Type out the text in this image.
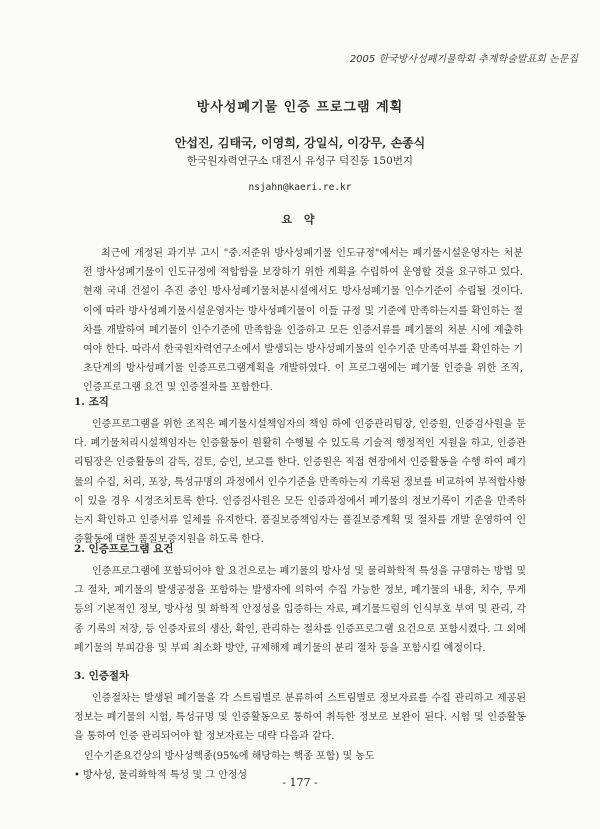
2005 한국방사성폐기물학회 추계학술발표회 논문집
방사성폐기물 인증 프로그램 계획
안섭진, 김태국, 이영희, 강일식, 이강무, 손종식
한국원자력연구소 대전시 유성구 덕진동 150번지
nsjahn@kaeri.re.kr
요 약

최근에 개정된 과기부 고시 "중.저준위 방사성폐기물 인도규정"에서는 폐기물시설운영자는 처분 전 방사성폐기물이 인도규정에 적합함을 보장하기 위한 계획을 수립하여 운영할 것을 요구하고 있다. 현재 국내 건설이 추진 중인 방사성폐기물처분시설에서도 방사성폐기물 인수기준이 수립될 것이다. 이에 따라 방사성폐기물시설운영자는 방사성폐기물이 이들 규정 및 기준에 만족하는지를 확인하는 절차를 개발하여 폐기물이 인수기준에 만족함을 인증하고 모든 인증서류를 폐기물의 처분 시에 제출하여야 한다. 따라서 한국원자력연구소에서 발생되는 방사성폐기물의 인수기준 만족여부를 확인하는 기초단계의 방사성폐기물 인증프로그램계획을 개발하였다. 이 프로그램에는 폐기물 인증을 위한 조직, 인증프로그램 요건 및 인증절차를 포함한다.

1. 조직

인증프로그램을 위한 조직은 폐기물시설책임자의 책임 하에 인증관리팀장, 인증원, 인증검사원을 둔다. 폐기물처리시설책임자는 인증활동이 원활히 수행될 수 있도록 기술적 행정적인 지원을 하고, 인증관리팀장은 인증활동의 감독, 검토, 승인, 보고를 한다. 인증원은 직접 현장에서 인증활동을 수행 하여 폐기물의 수집, 처리, 포장, 특성규명의 과정에서 인수기준을 만족하는지 기록된 정보를 비교하여 부적합사항이 있을 경우 시정조치토록 한다. 인증검사원은 모든 인증과정에서 폐기물의 정보기록이 기준을 만족하는지 확인하고 인증서류 일체를 유지한다. 품질보증책임자는 품질보증계획 및 절차를 개발 운영하여 인증활동에 대한 품질보증지원을 하도록 한다.

2. 인증프로그램 요건

인증프로그램에 포함되어야 할 요건으로는 폐기물의 방사성 및 물리화학적 특성을 규명하는 방법 및 그 절차, 폐기물의 발생공정을 포함하는 발생자에 의하여 수집 가능한 정보, 폐기물의 내용, 치수, 무게 등의 기본적인 정보, 방사성 및 화학적 안정성을 입증하는 자료, 폐기물드럼의 인식부호 부여 및 관리, 각종 기록의 저장, 등 인증자료의 생산, 확인, 관리하는 절차를 인증프로그램 요건으로 포함시켰다. 그 외에 폐기물의 부피감용 및 부피 최소화 방안, 규제해제 폐기물의 분리 절차 등을 포함시킬 예정이다.

3. 인증절차

인증절차는 발생된 폐기물을 각 스트림별로 분류하여 스트림별로 정보자료를 수집 관리하고 제공된 정보는 폐기물의 시험, 특성규명 및 인증활동으로 통하여 취득한 정보로 보완이 된다. 시험 및 인증활동을 통하여 인증 관리되어야 할 정보자료는 대략 다음과 같다.

인수기준요건상의 방사성핵종(95%에 해당하는 핵종 포함) 및 농도

• 방사성, 물리화학적 특성 및 그 안정성

- 177 -
